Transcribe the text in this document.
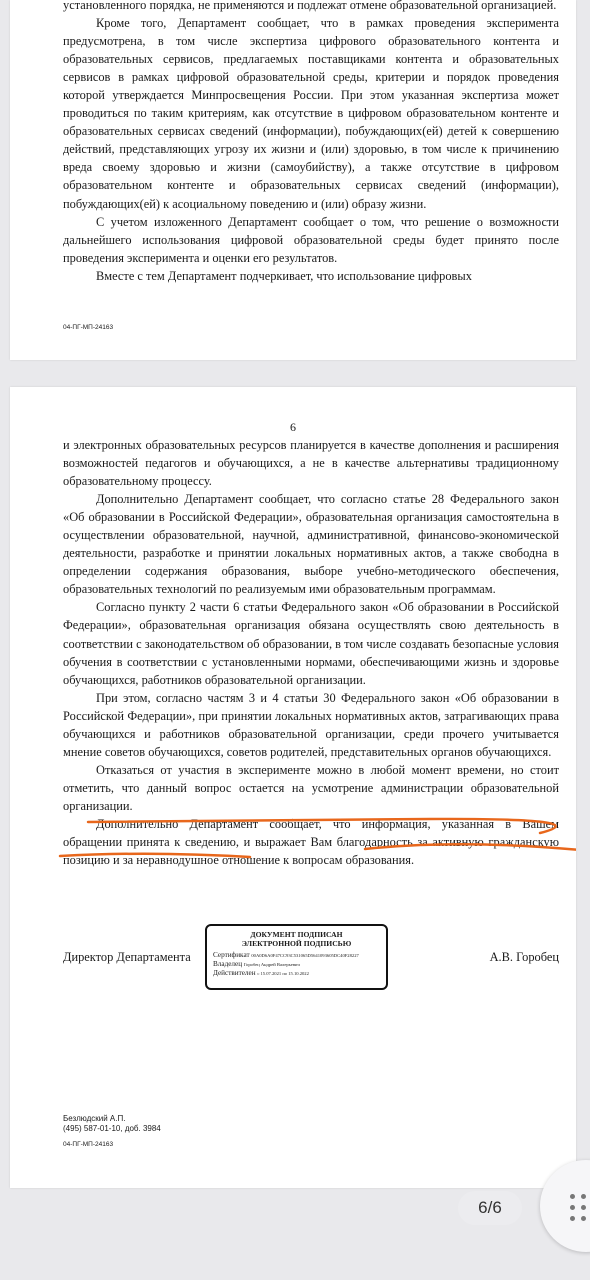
установленного порядка, не применяются и подлежат отмене образовательной организацией.

Кроме того, Департамент сообщает, что в рамках проведения эксперимента предусмотрена, в том числе экспертиза цифрового образовательного контента и образовательных сервисов, предлагаемых поставщиками контента и образовательных сервисов в рамках цифровой образовательной среды, критерии и порядок проведения которой утверждается Минпросвещения России. При этом указанная экспертиза может проводиться по таким критериям, как отсутствие в цифровом образовательном контенте и образовательных сервисах сведений (информации), побуждающих(ей) детей к совершению действий, представляющих угрозу их жизни и (или) здоровью, в том числе к причинению вреда своему здоровью и жизни (самоубийству), а также отсутствие в цифровом образовательном контенте и образовательных сервисах сведений (информации), побуждающих(ей) к асоциальному поведению и (или) образу жизни.

С учетом изложенного Департамент сообщает о том, что решение о возможности дальнейшего использования цифровой образовательной среды будет принято после проведения эксперимента и оценки его результатов.

Вместе с тем Департамент подчеркивает, что использование цифровых

04-ПГ-МП-24163
6

и электронных образовательных ресурсов планируется в качестве дополнения и расширения возможностей педагогов и обучающихся, а не в качестве альтернативы традиционному образовательному процессу.

Дополнительно Департамент сообщает, что согласно статье 28 Федерального закон «Об образовании в Российской Федерации», образовательная организация самостоятельна в осуществлении образовательной, научной, административной, финансово-экономической деятельности, разработке и принятии локальных нормативных актов, а также свободна в определении содержания образования, выборе учебно-методического обеспечения, образовательных технологий по реализуемым ими образовательным программам.

Согласно пункту 2 части 6 статьи Федерального закон «Об образовании в Российской Федерации», образовательная организация обязана осуществлять свою деятельность в соответствии с законодательством об образовании, в том числе создавать безопасные условия обучения в соответствии с установленными нормами, обеспечивающими жизнь и здоровье обучающихся, работников образовательной организации.

При этом, согласно частям 3 и 4 статьи 30 Федерального закон «Об образовании в Российской Федерации», при принятии локальных нормативных актов, затрагивающих права обучающихся и работников образовательной организации, среди прочего учитывается мнение советов обучающихся, советов родителей, представительных органов обучающихся.

Отказаться от участия в эксперименте можно в любой момент времени, но стоит отметить, что данный вопрос остается на усмотрение администрации образовательной организации.

Дополнительно Департамент сообщает, что информация, указанная в Вашем обращении принята к сведению, и выражает Вам благодарность за активную гражданскую позицию и за неравнодушное отношение к вопросам образования.

Директор Департамента
ДОКУМЕНТ ПОДПИСАН
ЭЛЕКТРОННОЙ ПОДПИСЬЮ
Сертификат 00A0D6A0F47CC93C531065D5641093605DC40F28227
Владелец Горобец Андрей Валерьевич
Действителен с 15.07.2021 по 15.10.2022
А.В. Горобец
Безлюдский А.П.
(495) 587-01-10, доб. 3984
04-ПГ-МП-24163
6/6
